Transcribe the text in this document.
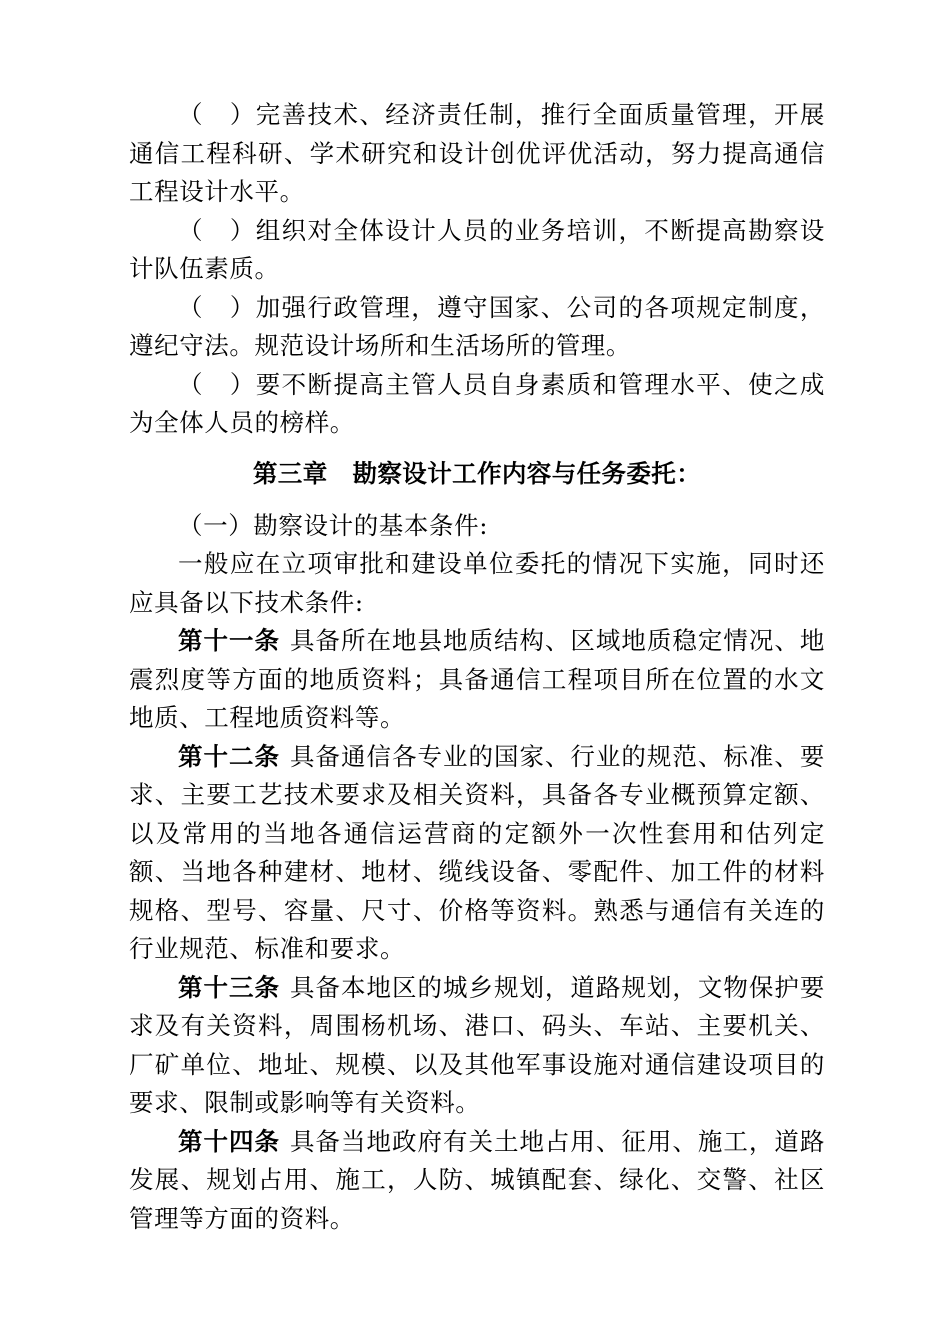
（　）完善技术、经济责任制，推行全面质量管理，开展通信工程科研、学术研究和设计创优评优活动，努力提高通信工程设计水平。

（　）组织对全体设计人员的业务培训，不断提高勘察设计队伍素质。

（　）加强行政管理，遵守国家、公司的各项规定制度，遵纪守法。规范设计场所和生活场所的管理。

（　）要不断提高主管人员自身素质和管理水平、使之成为全体人员的榜样。

第三章　勘察设计工作内容与任务委托：

（一）勘察设计的基本条件:

一般应在立项审批和建设单位委托的情况下实施，同时还应具备以下技术条件:

第十一条 具备所在地县地质结构、区域地质稳定情况、地震烈度等方面的地质资料；具备通信工程项目所在位置的水文地质、工程地质资料等。

第十二条 具备通信各专业的国家、行业的规范、标准、要求、主要工艺技术要求及相关资料，具备各专业概预算定额、以及常用的当地各通信运营商的定额外一次性套用和估列定额、当地各种建材、地材、缆线设备、零配件、加工件的材料规格、型号、容量、尺寸、价格等资料。熟悉与通信有关连的行业规范、标准和要求。

第十三条 具备本地区的城乡规划，道路规划，文物保护要求及有关资料，周围杨机场、港口、码头、车站、主要机关、厂矿单位、地址、规模、以及其他军事设施对通信建设项目的要求、限制或影响等有关资料。

第十四条 具备当地政府有关土地占用、征用、施工，道路发展、规划占用、施工，人防、城镇配套、绿化、交警、社区管理等方面的资料。
